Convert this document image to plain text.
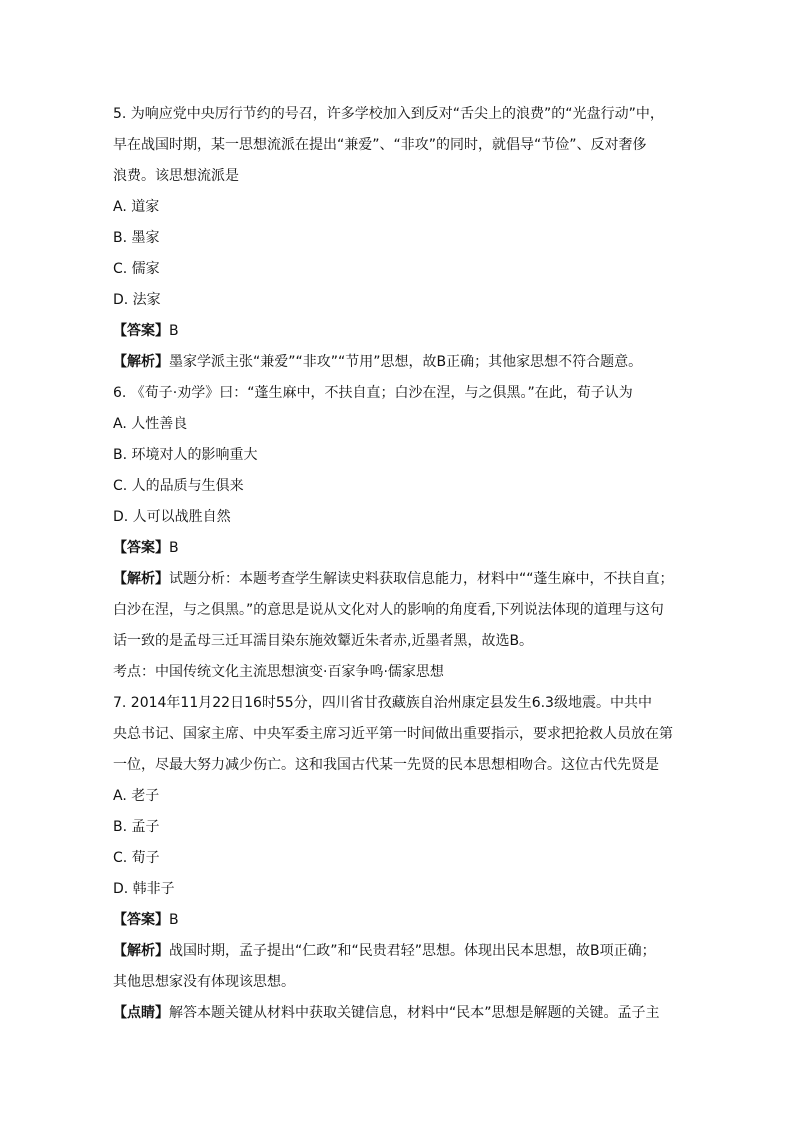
5. 为响应党中央厉行节约的号召，许多学校加入到反对“舌尖上的浪费”的“光盘行动”中，
早在战国时期，某一思想流派在提出“兼爱”、“非攻”的同时，就倡导“节俭”、反对奢侈
浪费。该思想流派是
A. 道家
B. 墨家
C. 儒家
D. 法家
【答案】B
【解析】墨家学派主张“兼爱”“非攻”“节用”思想，故B正确；其他家思想不符合题意。
6. 《荀子·劝学》曰：“蓬生麻中，不扶自直；白沙在涅，与之俱黑。”在此，荀子认为
A. 人性善良
B. 环境对人的影响重大
C. 人的品质与生俱来
D. 人可以战胜自然
【答案】B
【解析】试题分析：本题考查学生解读史料获取信息能力，材料中““蓬生麻中，不扶自直；
白沙在涅，与之俱黑。”的意思是说从文化对人的影响的角度看,下列说法体现的道理与这句
话一致的是孟母三迁耳濡目染东施效颦近朱者赤,近墨者黑，故选B。
考点：中国传统文化主流思想演变·百家争鸣·儒家思想
7. 2014年11月22日16时55分，四川省甘孜藏族自治州康定县发生6.3级地震。中共中
央总书记、国家主席、中央军委主席习近平第一时间做出重要指示，要求把抢救人员放在第
一位，尽最大努力减少伤亡。这和我国古代某一先贤的民本思想相吻合。这位古代先贤是
A. 老子
B. 孟子
C. 荀子
D. 韩非子
【答案】B
【解析】战国时期，孟子提出“仁政”和“民贵君轻”思想。体现出民本思想，故B项正确；
其他思想家没有体现该思想。
【点睛】解答本题关键从材料中获取关键信息，材料中“民本”思想是解题的关键。孟子主
